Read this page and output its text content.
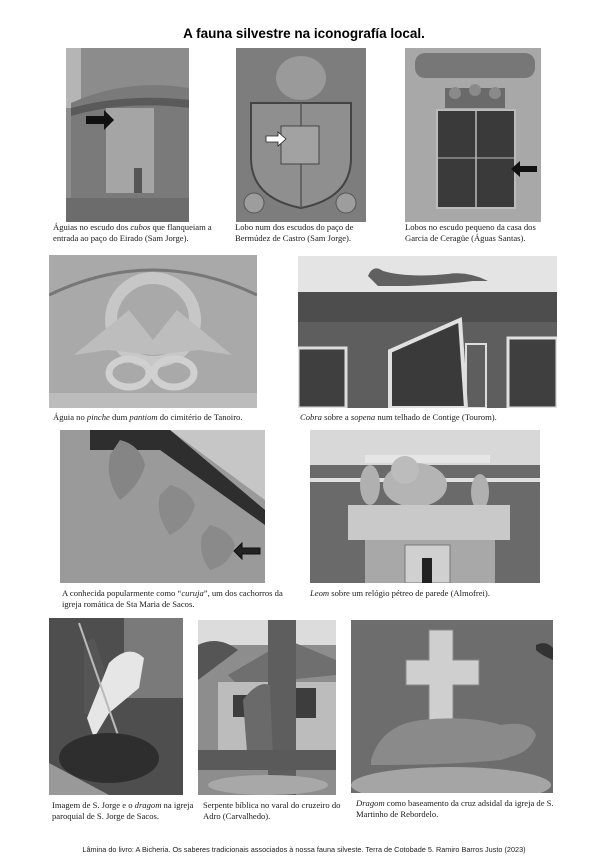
A fauna silvestre na iconografía local.
Águias no escudo dos cubos que flanqueiam a entrada ao paço do Eirado (Sam Jorge).
Lobo num dos escudos do paço de Bermúdez de Castro (Sam Jorge).
Lobos no escudo pequeno da casa dos Garcia de Ceragüe (Águas Santas).
Águia no pinche dum pantiom do cimitério de Tanoiro.	Cobra sobre a sopena num telhado de Contige (Tourom).
A conhecida popularmente como “curuja”, um dos cachorros da igreja romática de Sta Maria de Sacos.
Leom sobre um relógio pétreo de parede (Almofrei).
Imagem de S. Jorge e o dragom na igreja paroquial de S. Jorge de Sacos.
Serpente bíblica no varal do cruzeiro do Adro (Carvalhedo).
Dragom como baseamento da cruz adsidal da igreja de S. Martinho de Rebordelo.
Lâmina do livro: A Bicheria. Os saberes tradicionais associados à nossa fauna silveste. Terra de Cotobade 5. Ramiro Barros Justo (2023)
